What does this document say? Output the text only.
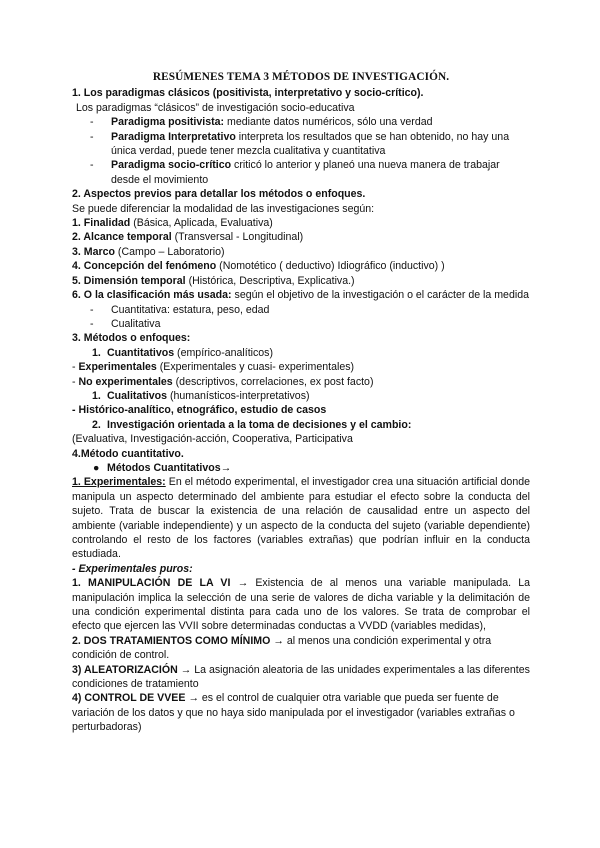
RESÚMENES TEMA 3 MÉTODOS DE INVESTIGACIÓN.

1. Los paradigmas clásicos (positivista, interpretativo y socio-crítico).

Los paradigmas “clásicos” de investigación socio-educativa

- Paradigma positivista: mediante datos numéricos, sólo una verdad

- Paradigma Interpretativo interpreta los resultados que se han obtenido, no hay una única verdad, puede tener mezcla cualitativa y cuantitativa

- Paradigma socio-crítico criticó lo anterior y planeó una nueva manera de trabajar desde el movimiento

2. Aspectos previos para detallar los métodos o enfoques.

Se puede diferenciar la modalidad de las investigaciones según:

1. Finalidad (Básica, Aplicada, Evaluativa)

2. Alcance temporal (Transversal - Longitudinal)

3. Marco (Campo – Laboratorio)

4. Concepción del fenómeno (Nomotético ( deductivo) Idiográfico (inductivo) )

5. Dimensión temporal (Histórica, Descriptiva, Explicativa.)

6. O la clasificación más usada: según el objetivo de la investigación o el carácter de la medida

- Cuantitativa: estatura, peso, edad

- Cualitativa

3. Métodos o enfoques:

1. Cuantitativos (empírico-analíticos)

- Experimentales (Experimentales y cuasi- experimentales)

- No experimentales (descriptivos, correlaciones, ex post facto)

1. Cualitativos (humanísticos-interpretativos)

- Histórico-analítico, etnográfico, estudio de casos

2. Investigación orientada a la toma de decisiones y el cambio:

(Evaluativa, Investigación-acción, Cooperativa, Participativa

4.Método cuantitativo.

● Métodos Cuantitativos→

1. Experimentales: En el método experimental, el investigador crea una situación artificial donde manipula un aspecto determinado del ambiente para estudiar el efecto sobre la conducta del sujeto. Trata de buscar la existencia de una relación de causalidad entre un aspecto del ambiente (variable independiente) y un aspecto de la conducta del sujeto (variable dependiente) controlando el resto de los factores (variables extrañas) que podrían influir en la conducta estudiada.

- Experimentales puros:

1. MANIPULACIÓN DE LA VI → Existencia de al menos una variable manipulada. La manipulación implica la selección de una serie de valores de dicha variable y la delimitación de una condición experimental distinta para cada uno de los valores. Se trata de comprobar el efecto que ejercen las VVII sobre determinadas conductas a VVDD (variables medidas),

2. DOS TRATAMIENTOS COMO MÍNIMO → al menos una condición experimental y otra condición de control.

3) ALEATORIZACIÓN → La asignación aleatoria de las unidades experimentales a las diferentes condiciones de tratamiento

4) CONTROL DE VVEE → es el control de cualquier otra variable que pueda ser fuente de variación de los datos y que no haya sido manipulada por el investigador (variables extrañas o perturbadoras)
